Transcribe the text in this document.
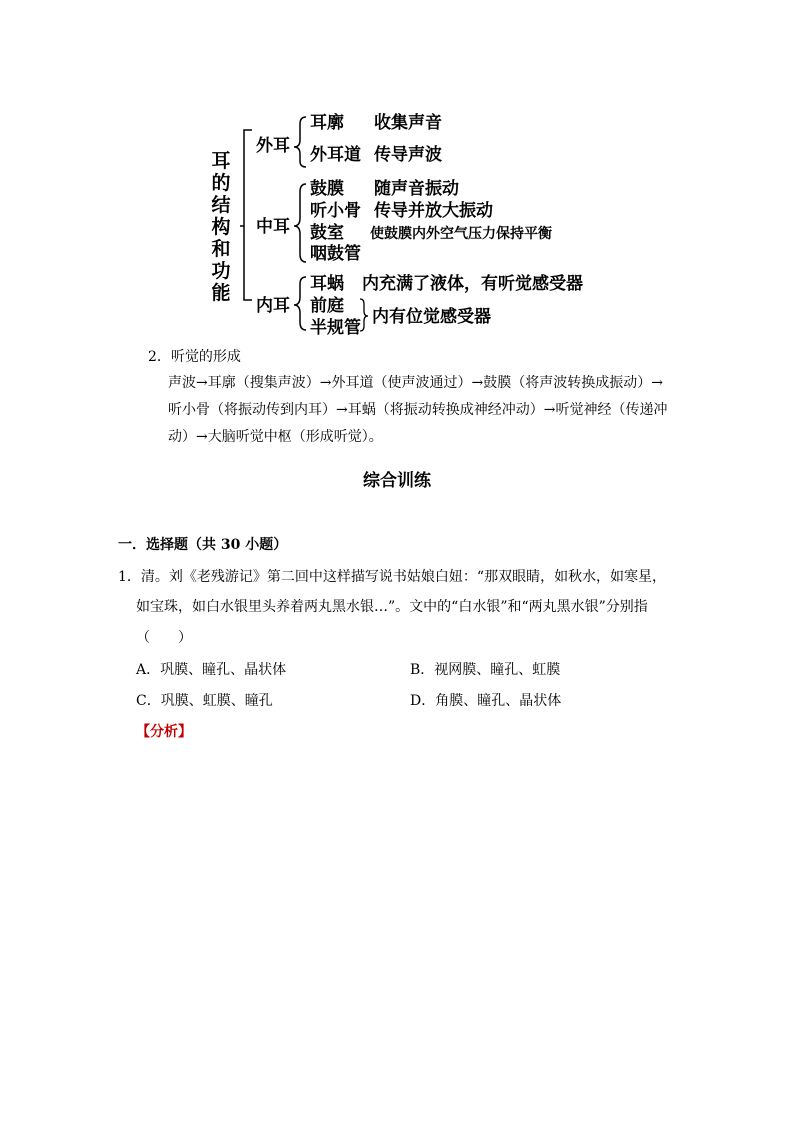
耳的结构和功能
外耳
耳廓 收集声音
外耳道 传导声波
中耳
鼓膜 随声音振动
听小骨 传导并放大振动
鼓室 使鼓膜内外空气压力保持平衡
咽鼓管
内耳
耳蜗 内充满了液体，有听觉感受器
前庭
半规管
内有位觉感受器
2．听觉的形成
声波→耳廓（搜集声波）→外耳道（使声波通过）→鼓膜（将声波转换成振动）→
听小骨（将振动传到内耳）→耳蜗（将振动转换成神经冲动）→听觉神经（传递冲
动）→大脑听觉中枢（形成听觉）。
综合训练
一．选择题（共 30 小题）
1．清。刘《老残游记》第二回中这样描写说书姑娘白妞：“那双眼睛，如秋水，如寒星，
如宝珠，如白水银里头养着两丸黑水银…”。文中的“白水银”和“两丸黑水银”分别指
（　　）
A．巩膜、瞳孔、晶状体	B．视网膜、瞳孔、虹膜
C．巩膜、虹膜、瞳孔	D．角膜、瞳孔、晶状体
【分析】
